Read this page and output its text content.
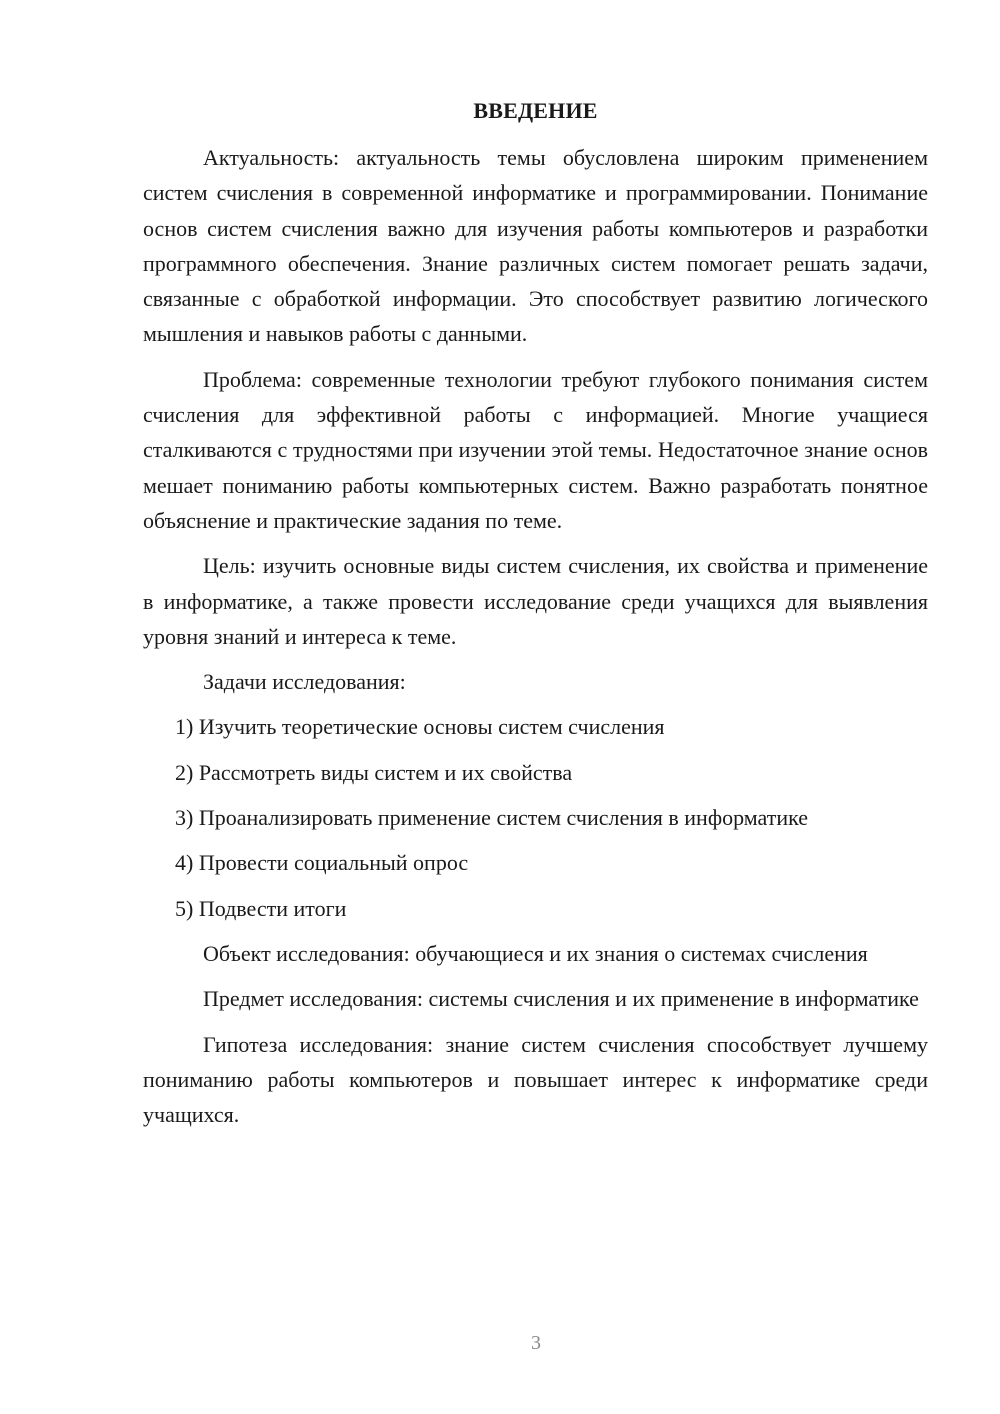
ВВЕДЕНИЕ

Актуальность: актуальность темы обусловлена широким применением систем счисления в современной информатике и программировании. Понимание основ систем счисления важно для изучения работы компьютеров и разработки программного обеспечения. Знание различных систем помогает решать задачи, связанные с обработкой информации. Это способствует развитию логического мышления и навыков работы с данными.

Проблема: современные технологии требуют глубокого понимания систем счисления для эффективной работы с информацией. Многие учащиеся сталкиваются с трудностями при изучении этой темы. Недостаточное знание основ мешает пониманию работы компьютерных систем. Важно разработать понятное объяснение и практические задания по теме.

Цель: изучить основные виды систем счисления, их свойства и применение в информатике, а также провести исследование среди учащихся для выявления уровня знаний и интереса к теме.

Задачи исследования:

1) Изучить теоретические основы систем счисления
2) Рассмотреть виды систем и их свойства
3) Проанализировать применение систем счисления в информатике
4) Провести социальный опрос
5) Подвести итоги

Объект исследования: обучающиеся и их знания о системах счисления

Предмет исследования: системы счисления и их применение в информатике

Гипотеза исследования: знание систем счисления способствует лучшему пониманию работы компьютеров и повышает интерес к информатике среди учащихся.

3
